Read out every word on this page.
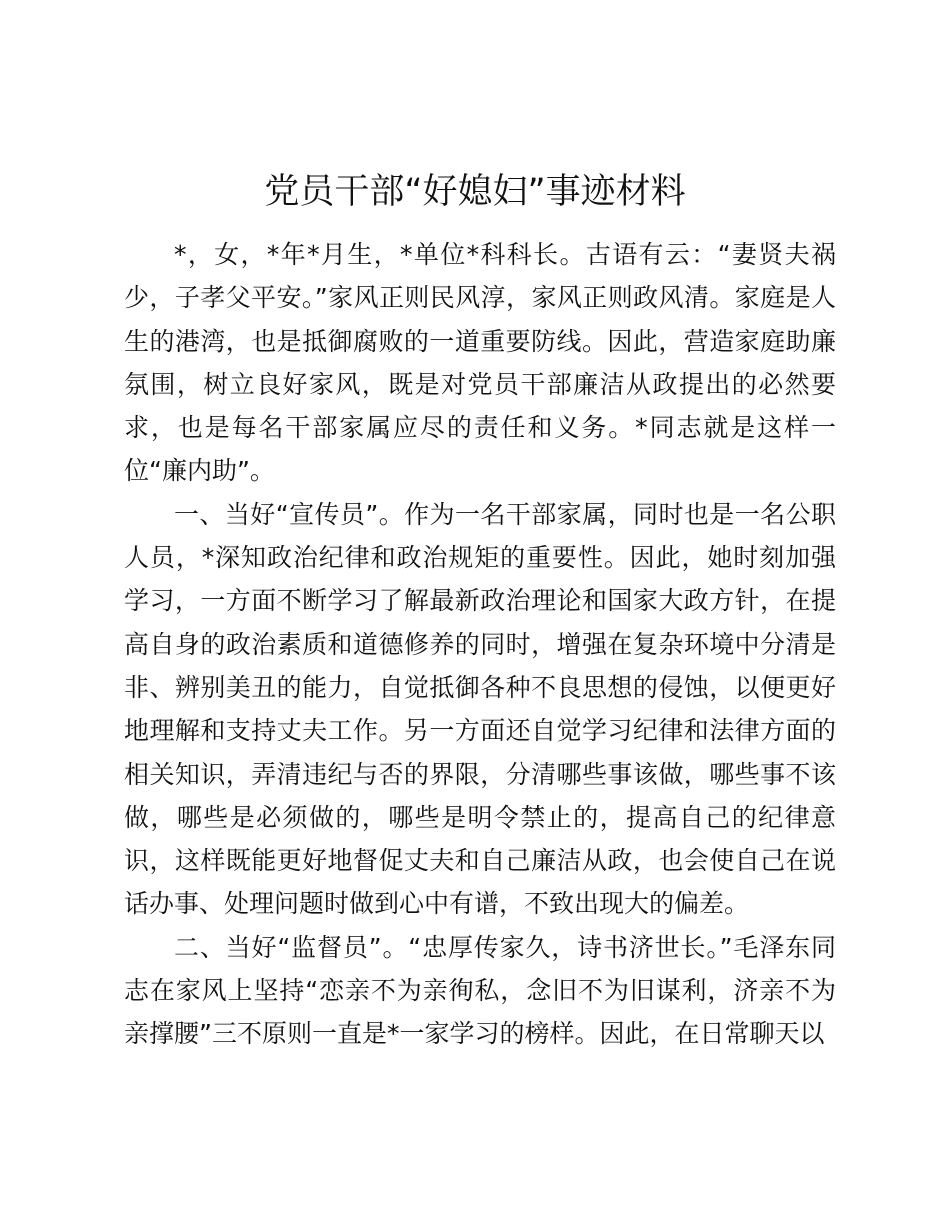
党员干部“好媳妇”事迹材料

*，女，*年*月生，*单位*科科长。古语有云：“妻贤夫祸少，子孝父平安。”家风正则民风淳，家风正则政风清。家庭是人生的港湾，也是抵御腐败的一道重要防线。因此，营造家庭助廉氛围，树立良好家风，既是对党员干部廉洁从政提出的必然要求，也是每名干部家属应尽的责任和义务。*同志就是这样一位“廉内助”。

一、当好“宣传员”。作为一名干部家属，同时也是一名公职人员，*深知政治纪律和政治规矩的重要性。因此，她时刻加强学习，一方面不断学习了解最新政治理论和国家大政方针，在提高自身的政治素质和道德修养的同时，增强在复杂环境中分清是非、辨别美丑的能力，自觉抵御各种不良思想的侵蚀，以便更好地理解和支持丈夫工作。另一方面还自觉学习纪律和法律方面的相关知识，弄清违纪与否的界限，分清哪些事该做，哪些事不该做，哪些是必须做的，哪些是明令禁止的，提高自己的纪律意识，这样既能更好地督促丈夫和自己廉洁从政，也会使自己在说话办事、处理问题时做到心中有谱，不致出现大的偏差。

二、当好“监督员”。“忠厚传家久，诗书济世长。”毛泽东同志在家风上坚持“恋亲不为亲徇私，念旧不为旧谋利，济亲不为亲撑腰”三不原则一直是*一家学习的榜样。因此，在日常聊天以
